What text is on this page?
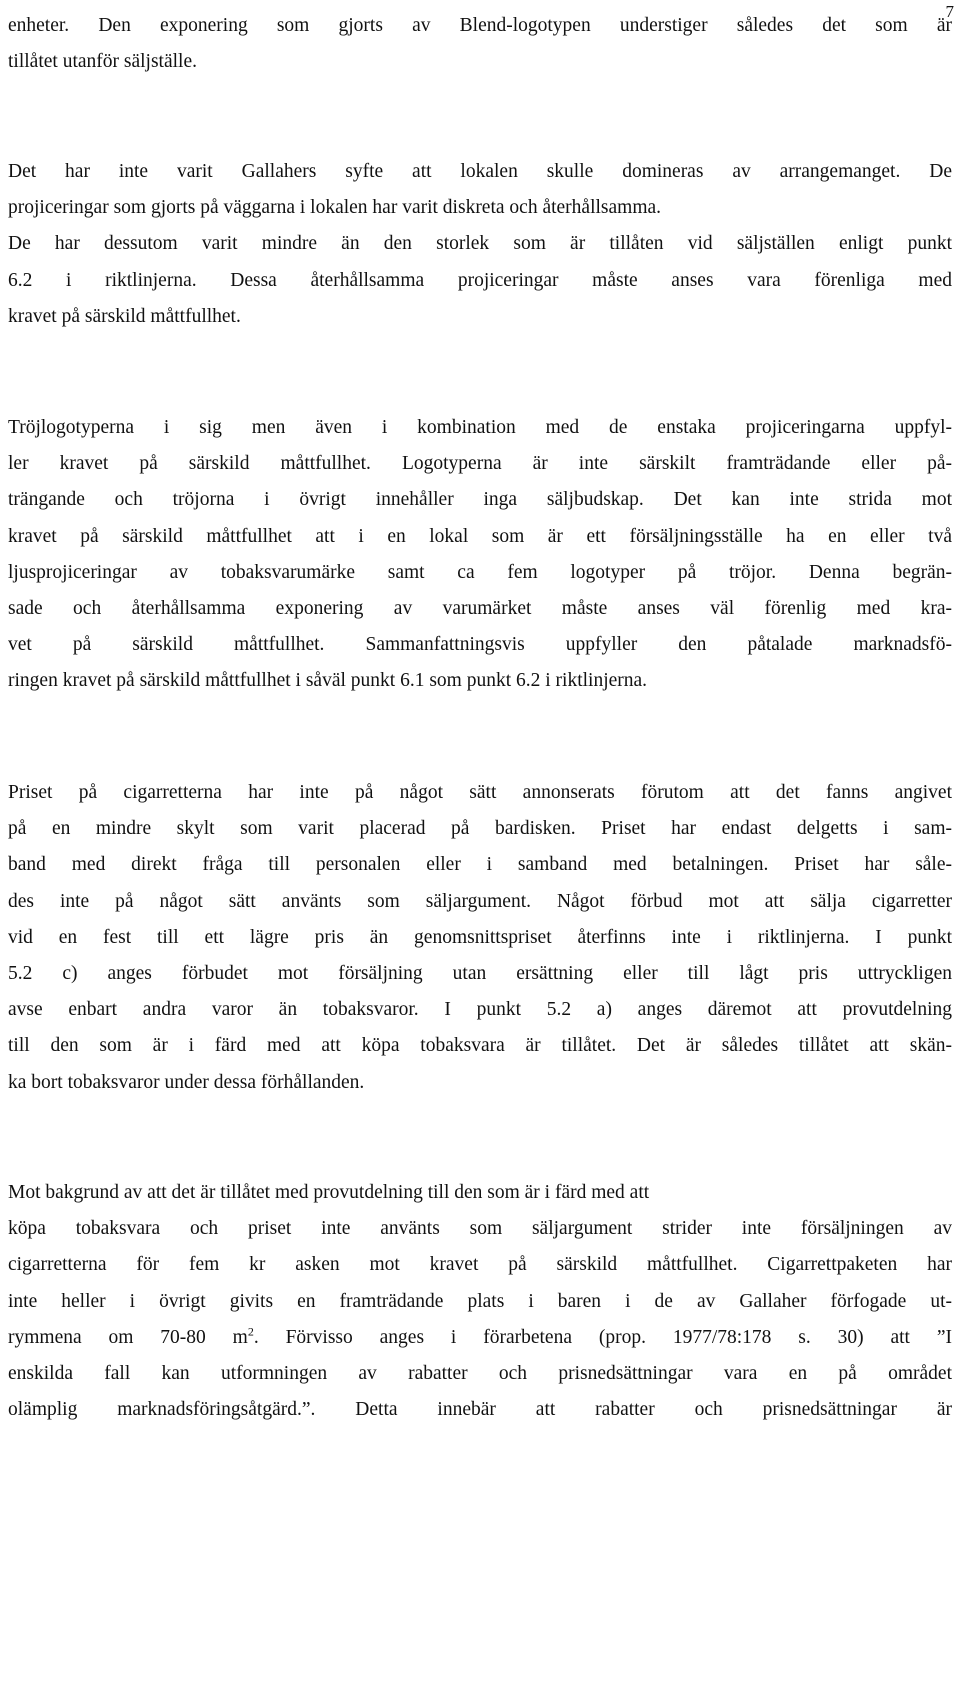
7

enheter. Den exponering som gjorts av Blend-logotypen understiger således det som är
tillåtet utanför säljställe.

Det har inte varit Gallahers syfte att lokalen skulle domineras av arrangemanget. De
projiceringar som gjorts på väggarna i lokalen har varit diskreta och återhållsamma.
De har dessutom varit mindre än den storlek som är tillåten vid säljställen enligt punkt
6.2 i riktlinjerna. Dessa återhållsamma projiceringar måste anses vara förenliga med
kravet på särskild måttfullhet.

Tröjlogotyperna i sig men även i kombination med de enstaka projiceringarna uppfyl-
ler kravet på särskild måttfullhet. Logotyperna är inte särskilt framträdande eller på-
trängande och tröjorna i övrigt innehåller inga säljbudskap. Det kan inte strida mot
kravet på särskild måttfullhet att i en lokal som är ett försäljningsställe ha en eller två
ljusprojiceringar av tobaksvarumärke samt ca fem logotyper på tröjor. Denna begrän-
sade och återhållsamma exponering av varumärket måste anses väl förenlig med kra-
vet på särskild måttfullhet. Sammanfattningsvis uppfyller den påtalade marknadsfö-
ringen kravet på särskild måttfullhet i såväl punkt 6.1 som punkt 6.2 i riktlinjerna.

Priset på cigarretterna har inte på något sätt annonserats förutom att det fanns angivet
på en mindre skylt som varit placerad på bardisken. Priset har endast delgetts i sam-
band med direkt fråga till personalen eller i samband med betalningen. Priset har såle-
des inte på något sätt använts som säljargument. Något förbud mot att sälja cigarretter
vid en fest till ett lägre pris än genomsnittspriset återfinns inte i riktlinjerna. I punkt
5.2 c) anges förbudet mot försäljning utan ersättning eller till lågt pris uttryckligen
avse enbart andra varor än tobaksvaror. I punkt 5.2 a) anges däremot att provutdelning
till den som är i färd med att köpa tobaksvara är tillåtet. Det är således tillåtet att skän-
ka bort tobaksvaror under dessa förhållanden.

Mot bakgrund av att det är tillåtet med provutdelning till den som är i färd med att
köpa tobaksvara och priset inte använts som säljargument strider inte försäljningen av
cigarretterna för fem kr asken mot kravet på särskild måttfullhet. Cigarrettpaketen har
inte heller i övrigt givits en framträdande plats i baren i de av Gallaher förfogade ut-
rymmena om 70-80 $m^2$. Förvisso anges i förarbetena (prop. 1977/78:178 s. 30) att ”I
enskilda fall kan utformningen av rabatter och prisnedsättningar vara en på området
olämplig marknadsföringsåtgärd.”. Detta innebär att rabatter och prisnedsättningar är
